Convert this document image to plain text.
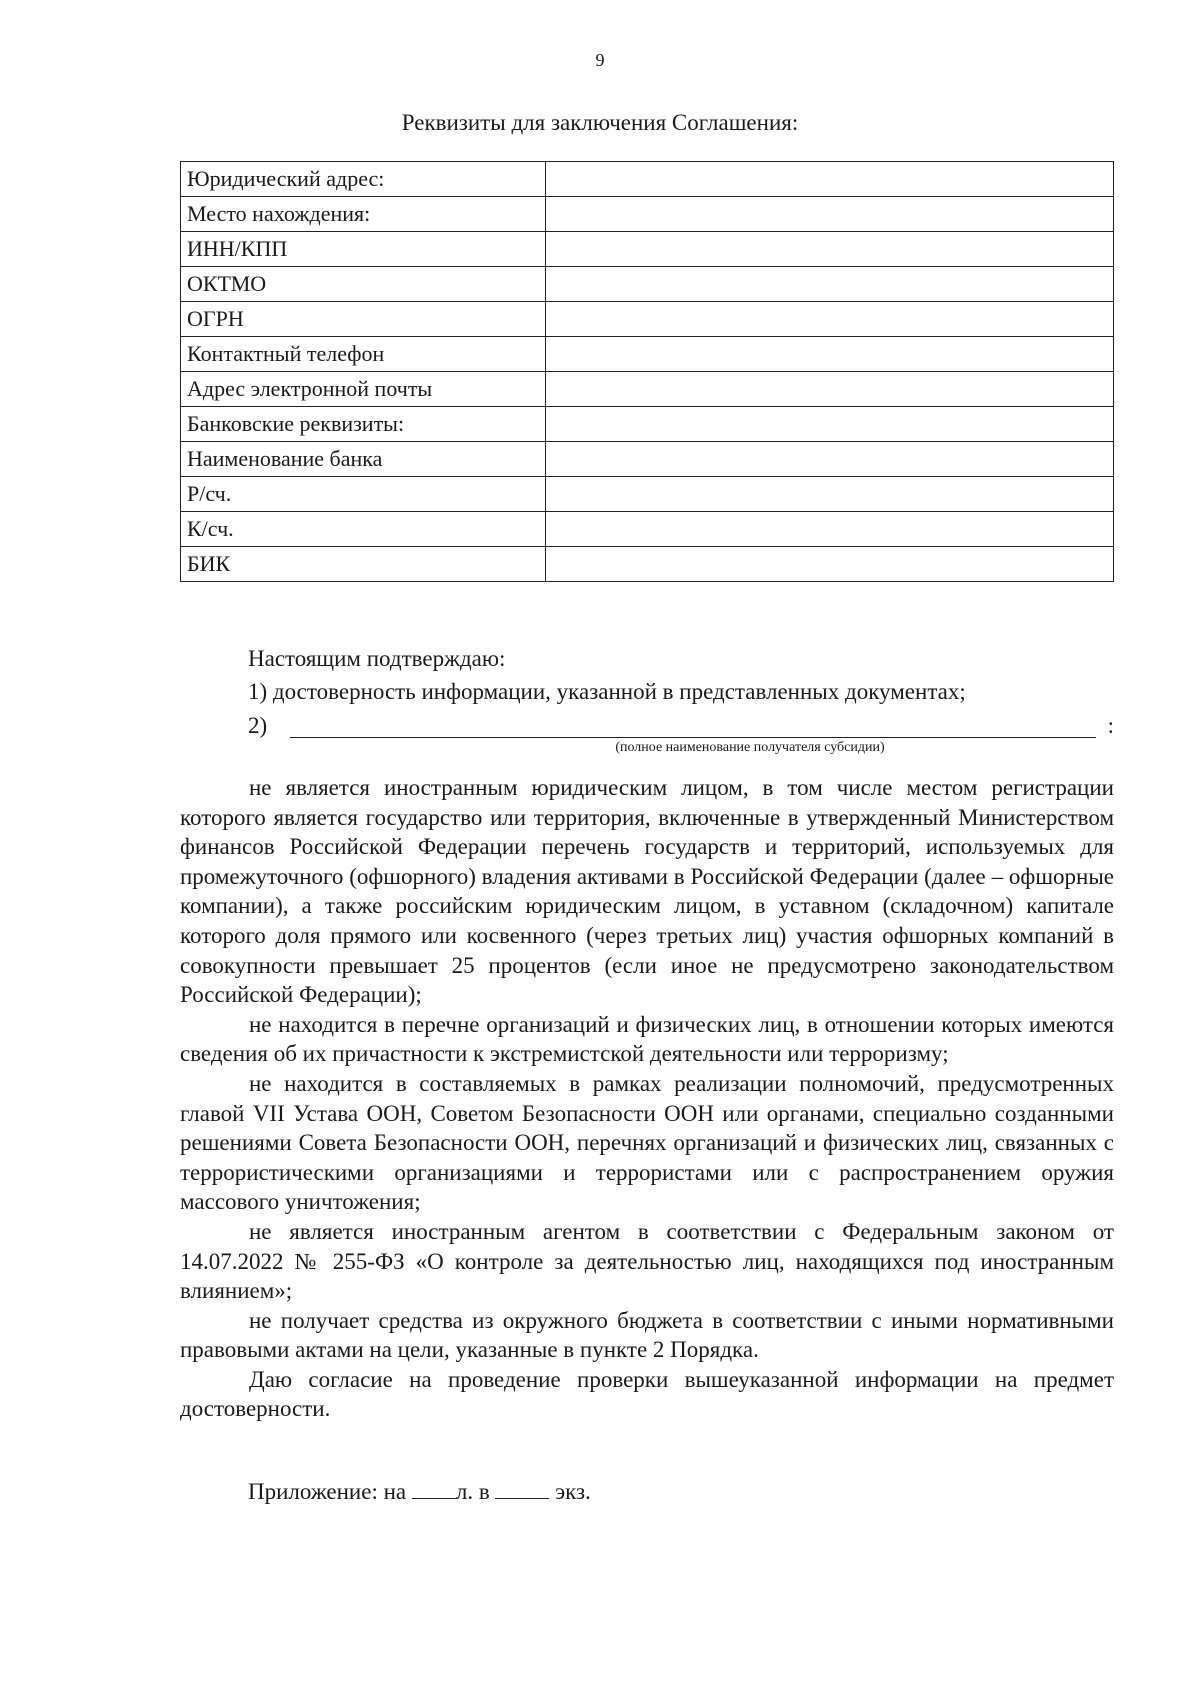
9
Реквизиты для заключения Соглашения:
Юридический адрес:	
Место нахождения:	
ИНН/КПП	
ОКТМО	
ОГРН	
Контактный телефон	
Адрес электронной почты	
Банковские реквизиты:	
Наименование банка	
Р/сч.	
К/сч.	
БИК	
Настоящим подтверждаю:
1) достоверность информации, указанной в представленных документах;
2)	:
(полное наименование получателя субсидии)

не является иностранным юридическим лицом, в том числе местом регистрации которого является государство или территория, включенные в утвержденный Министерством финансов Российской Федерации перечень государств и территорий, используемых для промежуточного (офшорного) владения активами в Российской Федерации (далее – офшорные компании), а также российским юридическим лицом, в уставном (складочном) капитале которого доля прямого или косвенного (через третьих лиц) участия офшорных компаний в совокупности превышает 25 процентов (если иное не предусмотрено законодательством Российской Федерации);

не находится в перечне организаций и физических лиц, в отношении которых имеются сведения об их причастности к экстремистской деятельности или терроризму;

не находится в составляемых в рамках реализации полномочий, предусмотренных главой VII Устава ООН, Советом Безопасности ООН или органами, специально созданными решениями Совета Безопасности ООН, перечнях организаций и физических лиц, связанных с террористическими организациями и террористами или с распространением оружия массового уничтожения;

не является иностранным агентом в соответствии с Федеральным законом от 14.07.2022 № 255-ФЗ «О контроле за деятельностью лиц, находящихся под иностранным влиянием»;

не получает средства из окружного бюджета в соответствии с иными нормативными правовыми актами на цели, указанные в пункте 2 Порядка.

Даю согласие на проведение проверки вышеуказанной информации на предмет достоверности.

Приложение: на л. в	экз.
